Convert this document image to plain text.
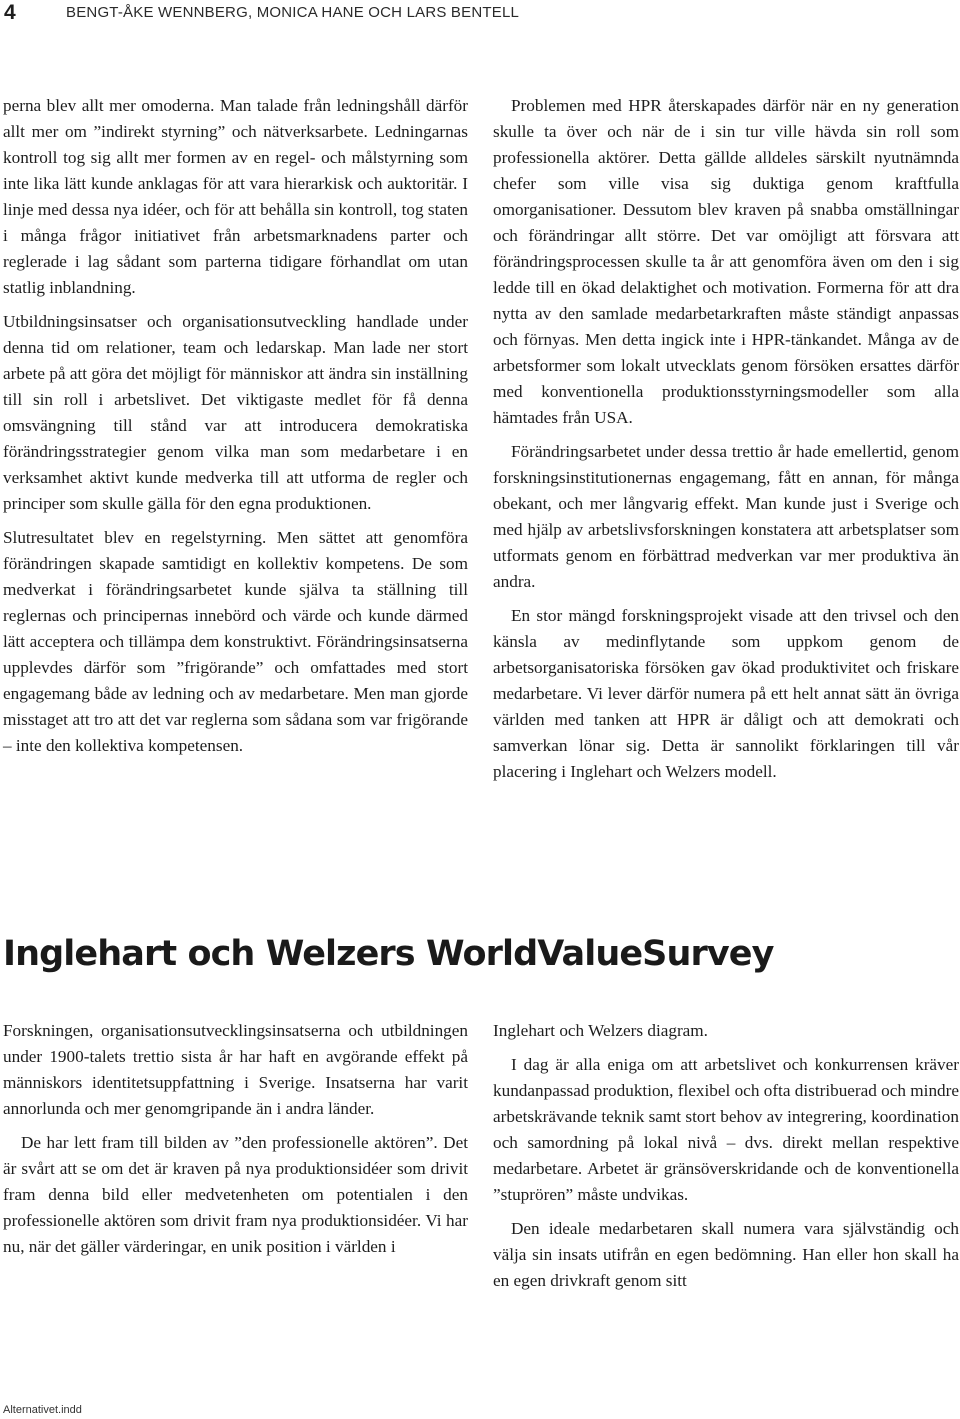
4	BENGT-ÅKE WENNBERG, MONICA HANE OCH LARS BENTELL

perna blev allt mer omoderna. Man talade från ledningshåll därför allt mer om ”indirekt styrning” och nätverksarbete. Ledningarnas kontroll tog sig allt mer formen av en regel- och målstyrning som inte lika lätt kunde anklagas för att vara hierarkisk och auktoritär. I linje med dessa nya idéer, och för att behålla sin kontroll, tog staten i många frågor initiativet från arbetsmarknadens parter och reglerade i lag sådant som parterna tidigare förhandlat om utan statlig inblandning.

Utbildningsinsatser och organisationsutveckling handlade under denna tid om relationer, team och ledarskap. Man lade ner stort arbete på att göra det möjligt för människor att ändra sin inställning till sin roll i arbetslivet. Det viktigaste medlet för få denna omsvängning till stånd var att introducera demokratiska förändringsstrategier genom vilka man som medarbetare i en verksamhet aktivt kunde medverka till att utforma de regler och principer som skulle gälla för den egna produktionen.

Slutresultatet blev en regelstyrning. Men sättet att genomföra förändringen skapade samtidigt en kollektiv kompetens. De som medverkat i förändringsarbetet kunde själva ta ställning till reglernas och principernas innebörd och värde och kunde därmed lätt acceptera och tillämpa dem konstruktivt. Förändringsinsatserna upplevdes därför som ”frigörande” och omfattades med stort engagemang både av ledning och av medarbetare. Men man gjorde misstaget att tro att det var reglerna som sådana som var frigörande – inte den kollektiva kompetensen.

Problemen med HPR återskapades därför när en ny generation skulle ta över och när de i sin tur ville hävda sin roll som professionella aktörer. Detta gällde alldeles särskilt nyutnämnda chefer som ville visa sig duktiga genom kraftfulla omorganisationer. Dessutom blev kraven på snabba omställningar och förändringar allt större. Det var omöjligt att försvara att förändringsprocessen skulle ta år att genomföra även om den i sig ledde till en ökad delaktighet och motivation. Formerna för att dra nytta av den samlade medarbetarkraften måste ständigt anpassas och förnyas. Men detta ingick inte i HPR-tänkandet. Många av de arbetsformer som lokalt utvecklats genom försöken ersattes därför med konventionella produktionsstyrningsmodeller som alla hämtades från USA.

Förändringsarbetet under dessa trettio år hade emellertid, genom forskningsinstitutionernas engagemang, fått en annan, för många obekant, och mer långvarig effekt. Man kunde just i Sverige och med hjälp av arbetslivsforskningen konstatera att arbetsplatser som utformats genom en förbättrad medverkan var mer produktiva än andra.

En stor mängd forskningsprojekt visade att den trivsel och den känsla av medinflytande som uppkom genom de arbetsorganisatoriska försöken gav ökad produktivitet och friskare medarbetare. Vi lever därför numera på ett helt annat sätt än övriga världen med tanken att HPR är dåligt och att demokrati och samverkan lönar sig. Detta är sannolikt förklaringen till vår placering i Inglehart och Welzers modell.

Inglehart och Welzers WorldValueSurvey

Forskningen, organisationsutvecklingsinsatserna och utbildningen under 1900-talets trettio sista år har haft en avgörande effekt på människors identitetsuppfattning i Sverige. Insatserna har varit annorlunda och mer genomgripande än i andra länder.

De har lett fram till bilden av ”den professionelle aktören”. Det är svårt att se om det är kraven på nya produktionsidéer som drivit fram denna bild eller medvetenheten om potentialen i den professionelle aktören som drivit fram nya produktionsidéer. Vi har nu, när det gäller värderingar, en unik position i världen i

Inglehart och Welzers diagram.

I dag är alla eniga om att arbetslivet och konkurrensen kräver kundanpassad produktion, flexibel och ofta distribuerad och mindre arbetskrävande teknik samt stort behov av integrering, koordination och samordning på lokal nivå – dvs. direkt mellan respektive medarbetare. Arbetet är gränsöverskridande och de konventionella ”stuprören” måste undvikas.

Den ideale medarbetaren skall numera vara självständig och välja sin insats utifrån en egen bedömning. Han eller hon skall ha en egen drivkraft genom sitt

Alternativet.indd
